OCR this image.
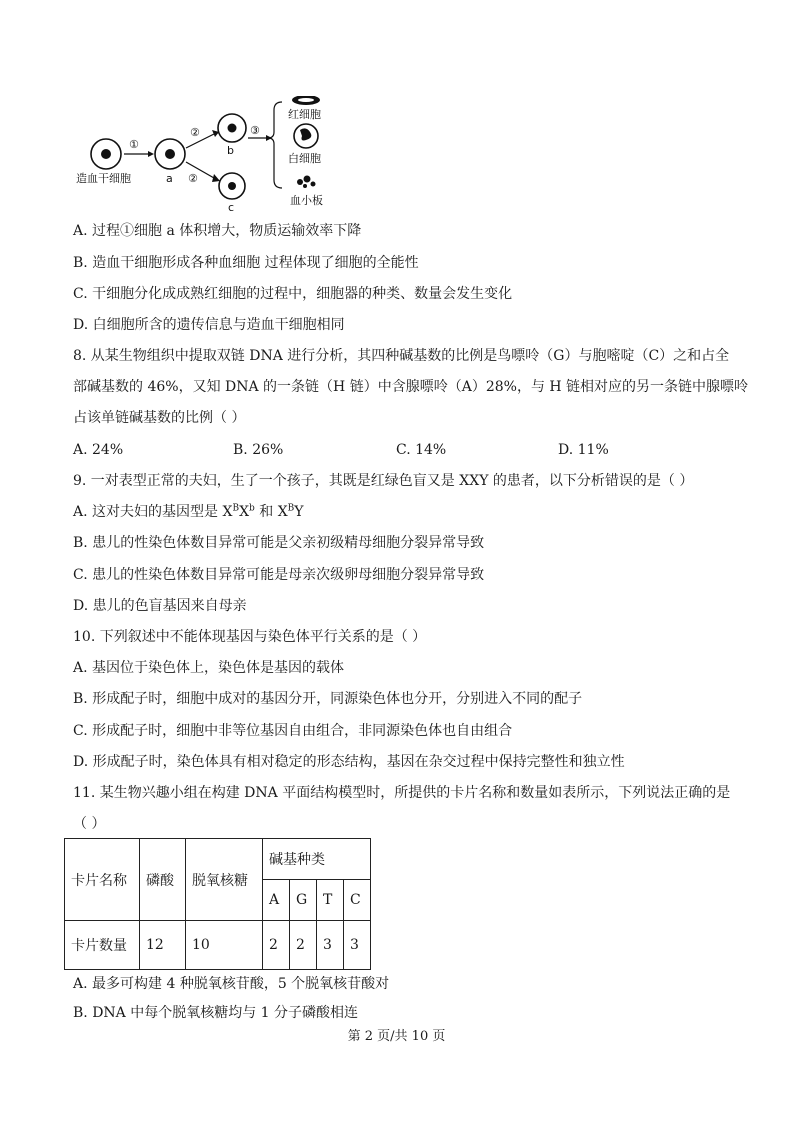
造血干细胞
①
a
②
b
②
c
③
红细胞
白细胞
血小板
A. 过程①细胞 a 体积增大，物质运输效率下降
B. 造血干细胞形成各种血细胞 过程体现了细胞的全能性
C. 干细胞分化成成熟红细胞的过程中，细胞器的种类、数量会发生变化
D. 白细胞所含的遗传信息与造血干细胞相同
8. 从某生物组织中提取双链 DNA 进行分析，其四种碱基数的比例是鸟嘌呤（G）与胞嘧啶（C）之和占全
部碱基数的 46%，又知 DNA 的一条链（H 链）中含腺嘌呤（A）28%，与 H 链相对应的另一条链中腺嘌呤
占该单链碱基数的比例（ ）
A. 24%	B. 26%	C. 14%	D. 11%
9. 一对表型正常的夫妇，生了一个孩子，其既是红绿色盲又是 XXY 的患者，以下分析错误的是（ ）
A. 这对夫妇的基因型是 $X^BX^b$ 和 $X^BY$
B. 患儿的性染色体数目异常可能是父亲初级精母细胞分裂异常导致
C. 患儿的性染色体数目异常可能是母亲次级卵母细胞分裂异常导致
D. 患儿的色盲基因来自母亲
10. 下列叙述中不能体现基因与染色体平行关系的是（ ）
A. 基因位于染色体上，染色体是基因的载体
B. 形成配子时，细胞中成对的基因分开，同源染色体也分开，分别进入不同的配子
C. 形成配子时，细胞中非等位基因自由组合，非同源染色体也自由组合
D. 形成配子时，染色体具有相对稳定的形态结构，基因在杂交过程中保持完整性和独立性
11. 某生物兴趣小组在构建 DNA 平面结构模型时，所提供的卡片名称和数量如表所示，下列说法正确的是
（ ）
卡片名称	磷酸	脱氧核糖	碱基种类			
			A	G	T	C
卡片数量	12	10	2	2	3	3
A. 最多可构建 4 种脱氧核苷酸，5 个脱氧核苷酸对
B. DNA 中每个脱氧核糖均与 1 分子磷酸相连
第 2 页/共 10 页
